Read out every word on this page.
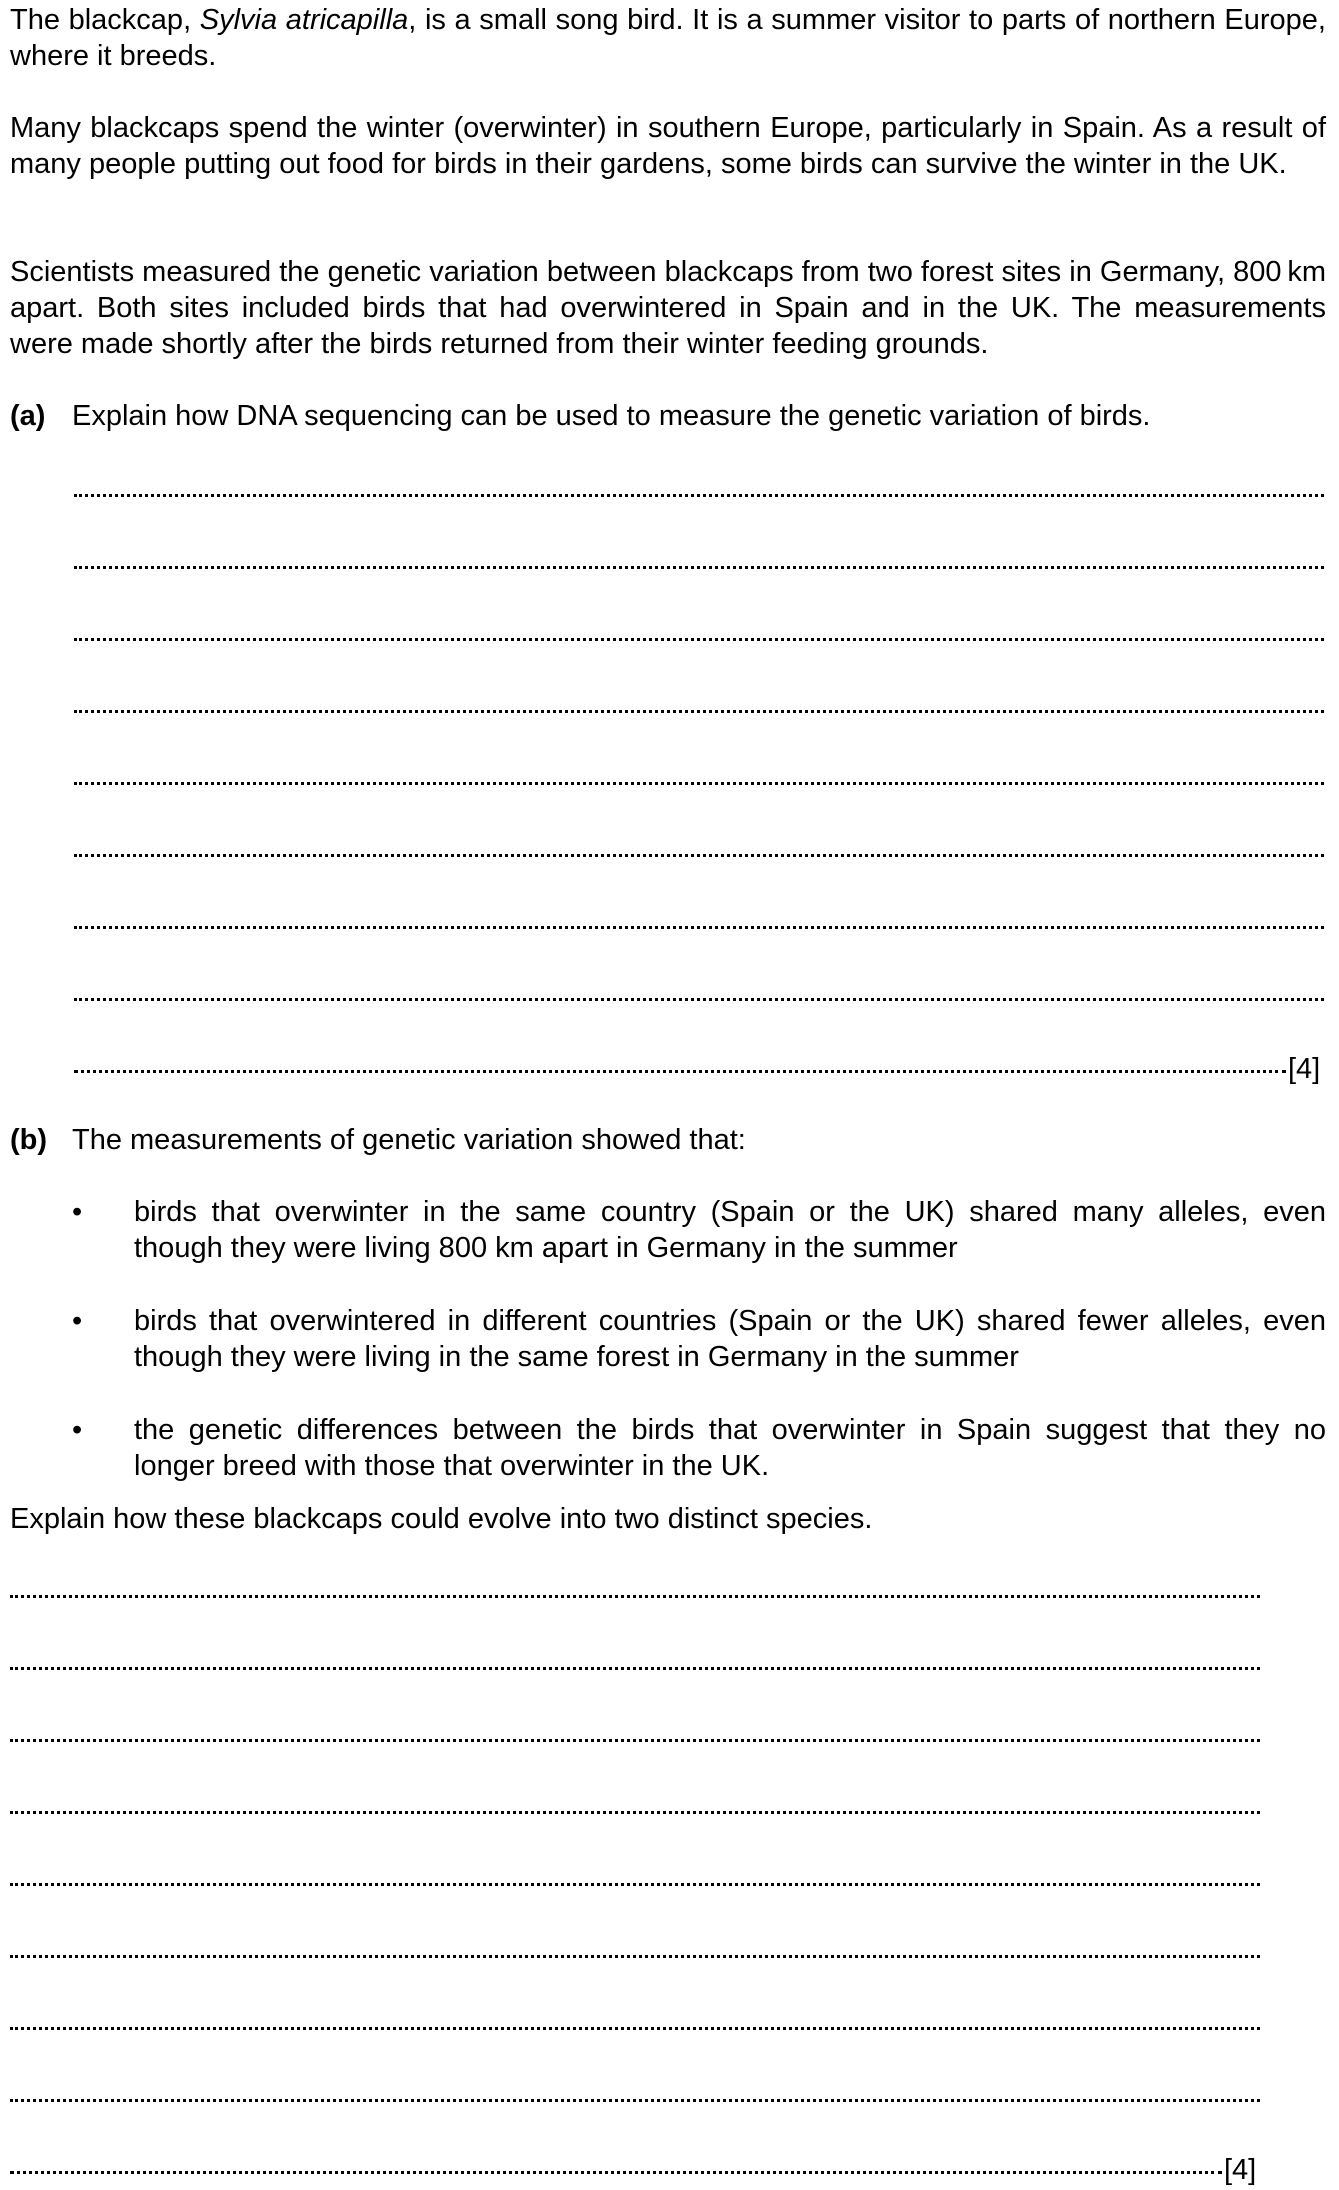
The blackcap, Sylvia atricapilla, is a small song bird. It is a summer visitor to parts of northern Europe, where it breeds.

Many blackcaps spend the winter (overwinter) in southern Europe, particularly in Spain. As a result of many people putting out food for birds in their gardens, some birds can survive the winter in the UK.

Scientists measured the genetic variation between blackcaps from two forest sites in Germany, 800 km apart. Both sites included birds that had overwintered in Spain and in the UK. The measurements were made shortly after the birds returned from their winter feeding grounds.

(a) Explain how DNA sequencing can be used to measure the genetic variation of birds.
[4]
(b) The measurements of genetic variation showed that:
• birds that overwinter in the same country (Spain or the UK) shared many alleles, even though they were living 800 km apart in Germany in the summer

• birds that overwintered in different countries (Spain or the UK) shared fewer alleles, even though they were living in the same forest in Germany in the summer

• the genetic differences between the birds that overwinter in Spain suggest that they no longer breed with those that overwinter in the UK.

Explain how these blackcaps could evolve into two distinct species.
[4]
